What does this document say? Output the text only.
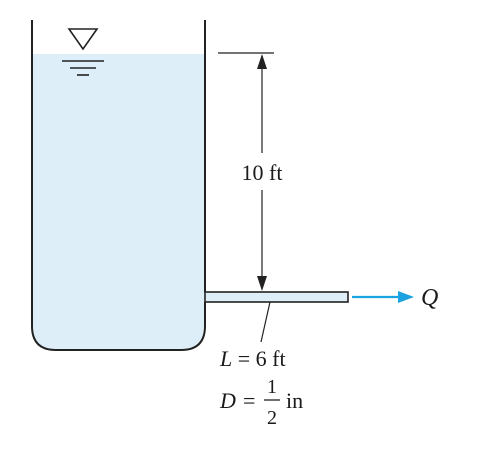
10 ft
Q
L = 6 ft
D =
1
2
in
